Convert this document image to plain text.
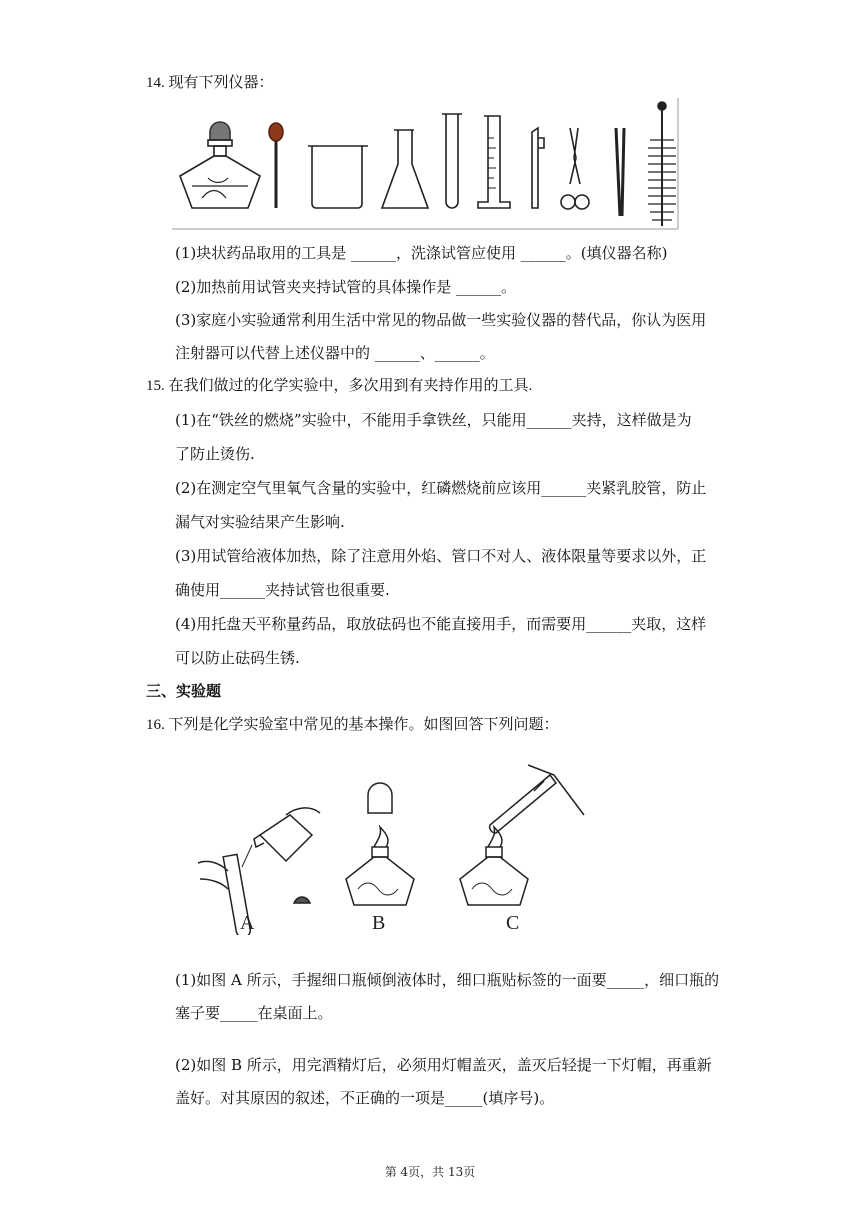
14. 现有下列仪器：
(1)块状药品取用的工具是 ______，洗涤试管应使用 ______。(填仪器名称)
(2)加热前用试管夹夹持试管的具体操作是 ______。
(3)家庭小实验通常利用生活中常见的物品做一些实验仪器的替代品，你认为医用
注射器可以代替上述仪器中的 ______、______。
15. 在我们做过的化学实验中，多次用到有夹持作用的工具.
(1)在“铁丝的燃烧”实验中，不能用手拿铁丝，只能用______夹持，这样做是为
了防止烫伤.
(2)在测定空气里氧气含量的实验中，红磷燃烧前应该用______夹紧乳胶管，防止
漏气对实验结果产生影响.
(3)用试管给液体加热，除了注意用外焰、管口不对人、液体限量等要求以外，正
确使用______夹持试管也很重要.
(4)用托盘天平称量药品，取放砝码也不能直接用手，而需要用______夹取，这样
可以防止砝码生锈.
三、实验题
16. 下列是化学实验室中常见的基本操作。如图回答下列问题：
A	B	C
(1)如图 A 所示，手握细口瓶倾倒液体时，细口瓶贴标签的一面要_____，细口瓶的
塞子要_____在桌面上。
(2)如图 B 所示，用完酒精灯后，必须用灯帽盖灭，盖灭后轻提一下灯帽，再重新
盖好。对其原因的叙述，不正确的一项是_____(填序号)。
第 4页，共 13页
